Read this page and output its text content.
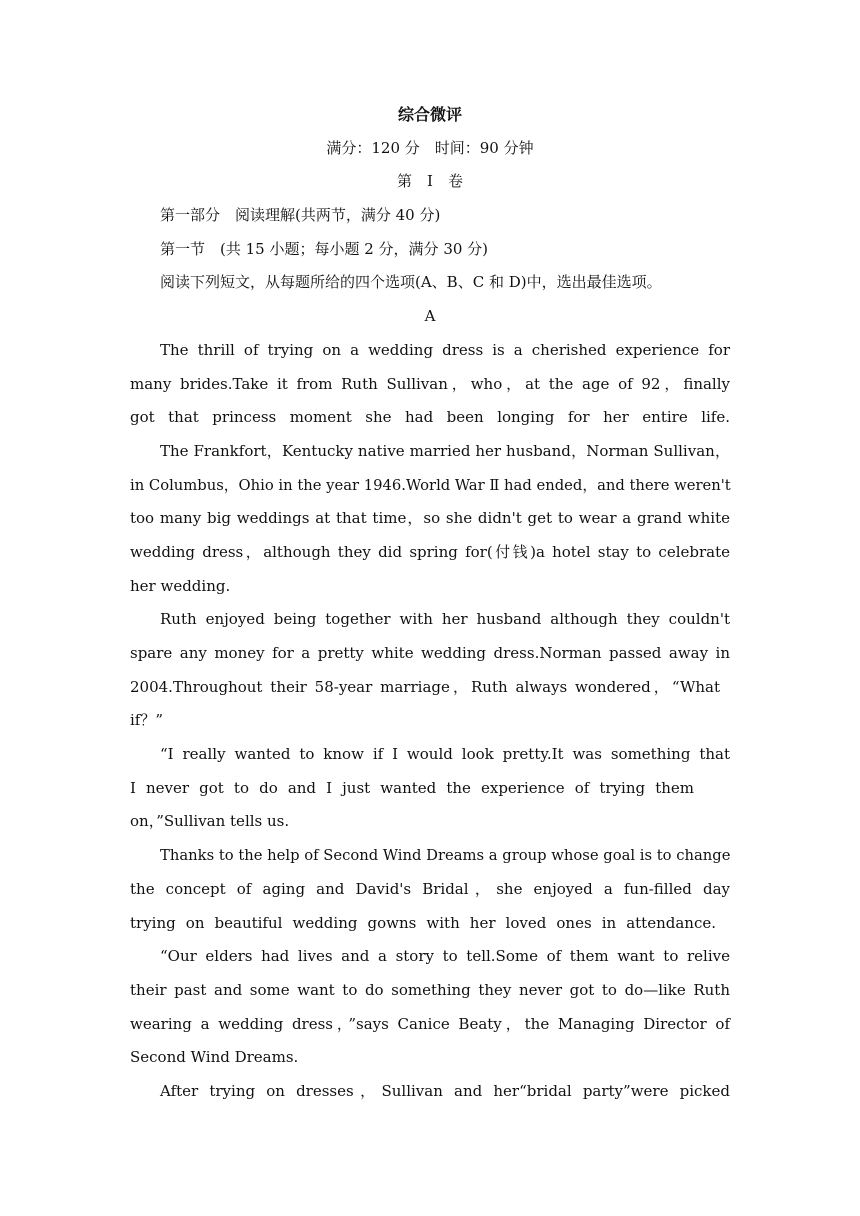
综合微评
满分：120 分　时间：90 分钟
第　Ⅰ　卷
第一部分　阅读理解(共两节，满分 40 分)
第一节　(共 15 小题；每小题 2 分，满分 30 分)
阅读下列短文，从每题所给的四个选项(A、B、C 和 D)中，选出最佳选项。
A
The thrill of trying on a wedding dress is a cherished experience for
many brides.Take it from Ruth Sullivan，who，at the age of 92，finally
got that princess moment she had been longing for her entire life.
The Frankfort，Kentucky native married her husband，Norman Sullivan，
in Columbus，Ohio in the year 1946.World War Ⅱ had ended，and there weren't
too many big weddings at that time，so she didn't get to wear a grand white
wedding dress，although they did spring for(付钱)a hotel stay to celebrate
her wedding.
Ruth enjoyed being together with her husband although they couldn't
spare any money for a pretty white wedding dress.Norman passed away in
2004.Throughout their 58-year marriage，Ruth always wondered，“What
if？”
“I really wanted to know if I would look pretty.It was something that
I never got to do and I just wanted the experience of trying them
on，”Sullivan tells us.
Thanks to the help of Second Wind Dreams a group whose goal is to change
the concept of aging and David's Bridal，she enjoyed a fun-filled day
trying on beautiful wedding gowns with her loved ones in attendance.
“Our elders had lives and a story to tell.Some of them want to relive
their past and some want to do something they never got to do—like Ruth
wearing a wedding dress，”says Canice Beaty，the Managing Director of
Second Wind Dreams.
After trying on dresses，Sullivan and her“bridal party”were picked
